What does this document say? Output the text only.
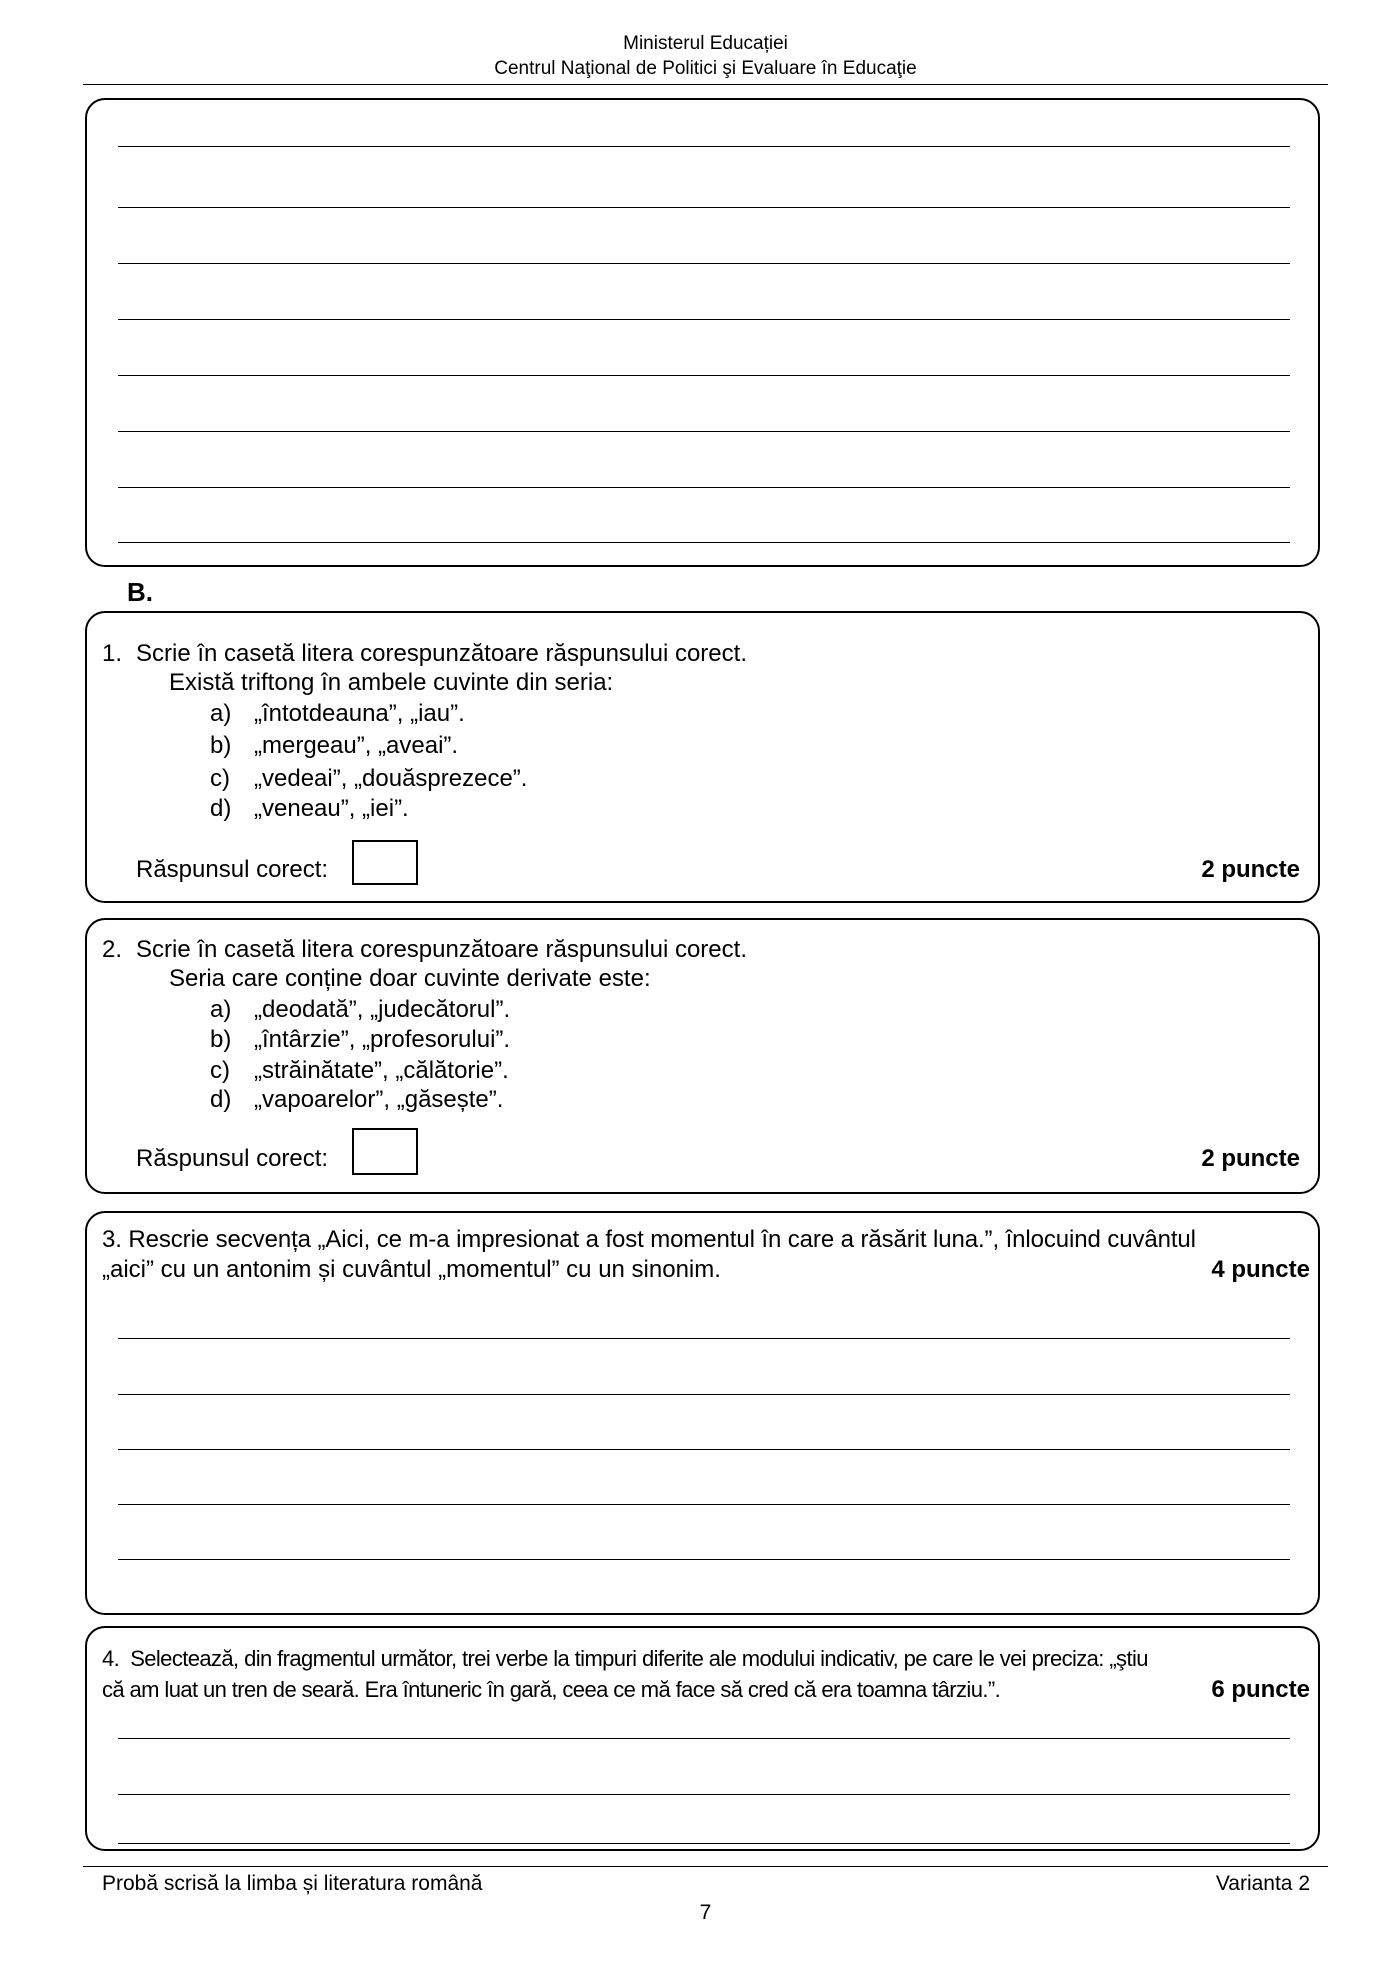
Ministerul Educației
Centrul Naţional de Politici şi Evaluare în Educaţie
B.
1. Scrie în casetă litera corespunzătoare răspunsului corect.
Există triftong în ambele cuvinte din seria:
a) „întotdeauna”, „iau”.
b) „mergeau”, „aveai”.
c) „vedeai”, „douăsprezece”.
d) „veneau”, „iei”.
Răspunsul corect:	2 puncte
2. Scrie în casetă litera corespunzătoare răspunsului corect.
Seria care conține doar cuvinte derivate este:
a) „deodată”, „judecătorul”.
b) „întârzie”, „profesorului”.
c) „străinătate”, „călătorie”.
d) „vapoarelor”, „găsește”.
Răspunsul corect:	2 puncte
3. Rescrie secvența „Aici, ce m-a impresionat a fost momentul în care a răsărit luna.”, înlocuind cuvântul
„aici” cu un antonim și cuvântul „momentul” cu un sinonim.	4 puncte
4. Selectează, din fragmentul următor, trei verbe la timpuri diferite ale modului indicativ, pe care le vei preciza: „ştiu
că am luat un tren de seară. Era întuneric în gară, ceea ce mă face să cred că era toamna târziu.”.	6 puncte
Probă scrisă la limba și literatura română	Varianta 2
7
